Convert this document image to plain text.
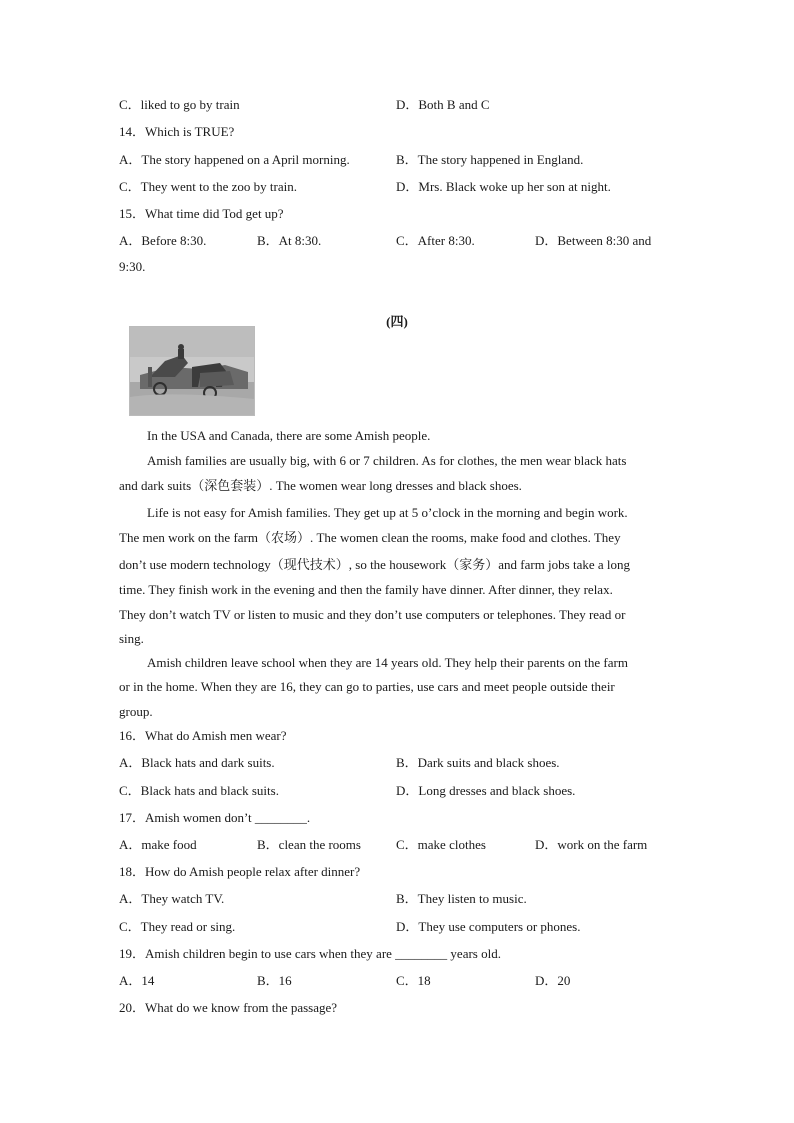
C．liked to go by train	D．Both B and C
14．Which is TRUE?
A．The story happened on a April morning.	B．The story happened in England.
C．They went to the zoo by train.	D．Mrs. Black woke up her son at night.
15．What time did Tod get up?
A．Before 8:30.	B．At 8:30.	C．After 8:30.	D．Between 8:30 and
9:30.
(四)
In the USA and Canada, there are some Amish people.
Amish families are usually big, with 6 or 7 children. As for clothes, the men wear black hats
and dark suits（深色套装）. The women wear long dresses and black shoes.
Life is not easy for Amish families. They get up at 5 o’clock in the morning and begin work.
The men work on the farm（农场）. The women clean the rooms, make food and clothes. They
don’t use modern technology（现代技术）, so the housework（家务）and farm jobs take a long
time. They finish work in the evening and then the family have dinner. After dinner, they relax.
They don’t watch TV or listen to music and they don’t use computers or telephones. They read or
sing.
Amish children leave school when they are 14 years old. They help their parents on the farm
or in the home. When they are 16, they can go to parties, use cars and meet people outside their
group.
16．What do Amish men wear?
A．Black hats and dark suits.	B．Dark suits and black shoes.
C．Black hats and black suits.	D．Long dresses and black shoes.
17．Amish women don’t ________.
A．make food	B．clean the rooms	C．make clothes	D．work on the farm
18．How do Amish people relax after dinner?
A．They watch TV.	B．They listen to music.
C．They read or sing.	D．They use computers or phones.
19．Amish children begin to use cars when they are ________ years old.
A．14	B．16	C．18	D．20
20．What do we know from the passage?
